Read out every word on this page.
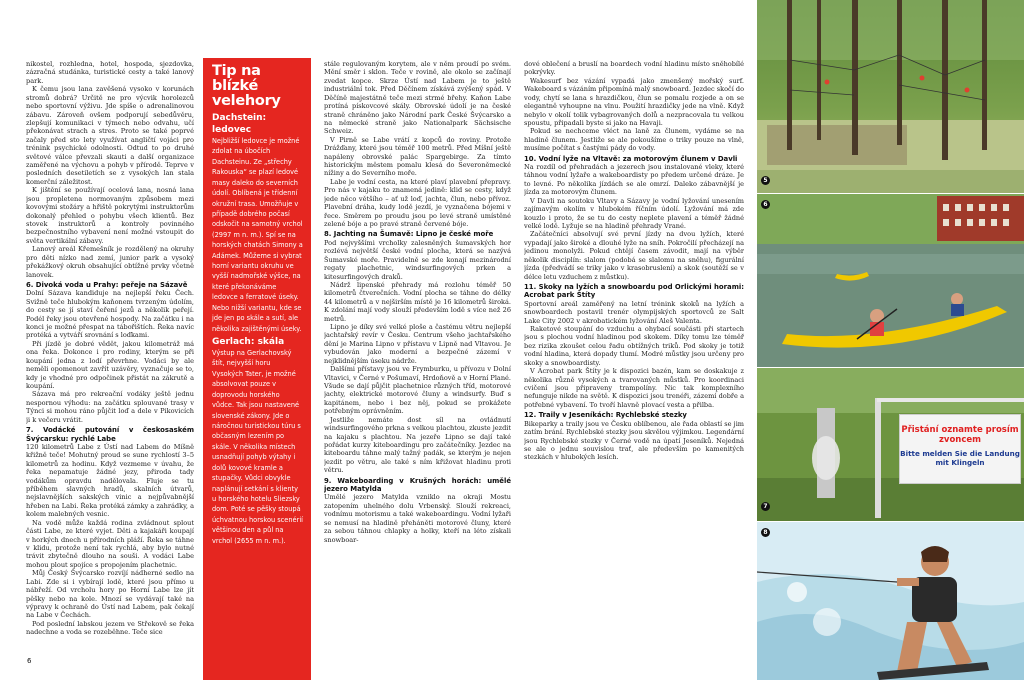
nikostel, rozhledna, hotel, hospoda, sjezdovka, zázračná studánka, turistické cesty a také lanový park.

K čemu jsou lana zavěšená vysoko v korunách stromů dobrá? Určitě ne pro výcvik horolezců nebo sportovní výživu. Jde spíše o adrenalinovou zábavu. Zároveň ovšem podporují sebedůvěru, zlepšují komunikaci v týmech nebo odvahu, učí překonávat strach a stres. Proto se také poprvé začaly před sto lety využívat angličtí vojáci pro trénink psychické odolnosti. Odtud to po druhé světové válce převzali skauti a další organizace zaměřené na výchovu a pohyb v přírodě. Teprve v posledních desetiletích se z vysokých lan stala komerční záležitost.

K jištění se používají ocelová lana, nosná lana jsou propletena normovaným způsobem mezi kovovými stožáry a hřiště pokrytými instruktorům dokonalý přehled o pohybu všech klientů. Bez stovek instruktorů a kontroly povinného bezpečnostního vybavení není možné vstoupit do světa vertikální zábavy.

Lanový areál Křemešník je rozdělený na okruhy pro děti nízko nad zemí, junior park a vysoký překážkový okruh obsahující obtížné prvky včetně lanovek.

6. Divoká voda u Prahy: peřeje na Sázavě

Dolní Sázava kandiduje na nejlepší řeku Čech. Svižně teče hlubokým kaňonem tvrzeným údolím, do cesty se jí staví čeření jezů a několik peřejí. Podél řeky jsou otevřené hospody. Na začátku i na konci je možné přespat na tábořištích. Řeka navíc protéká a vytváří srovnání s loďkami.

Při jízdě je dobré vědět, jakou kilometráž má ona řeka. Dokonce i pro rodiny, kterým se při koupání jedna z lodí převrhne. Vodáci by ale neměli opomenout zavřít uzávěry, vyznačuje se to, kdy je vhodné pro odpočinek přistát na zákrutě a koupání.

Sázava má pro rekreační vodáky ještě jednu nespornou výhodu: na začátku splouvané trasy v Týnci si mohou ráno půjčit loď a dele v Pikovicích ji k večeru vrátit.

7. Vodácké putování v českosaském Švýcarsku: rychlé Labe

120 kilometrů Labe z Ústí nad Labem do Míšně křižně teče! Mohutný proud se sune rychlostí 3–5 kilometrů za hodinu. Když vezmeme v úvahu, že řeka nepamatuje žádné jezy, přiroda tady vodákům opravdu nadělovala. Fluje se tu příběhem slavných hradů, skalních útvarů, nejslavnějších sakských vinic a nejpůvabnější hřeben na Labi. Řeka protéká zámky a zahrádky, a kolem malebných vesnic.

Na vodě může každá rodina zvládnout splout části Labe, ze které vyjet. Děti a kajakáři koupají v horkých dnech u přírodních pláží. Řeka se táhne v klidu, protože není tak rychlá, aby bylo nutné trávit zbytečně dlouho na souši. A vodáci Labe mohou plout spojíce s propojením plachetnic.

Můj Český Švýcarsko rozvíjí nádherné sedlo na Labi. Zde si i vybírají lodě, které jsou přímo u nábřeží. Od vrcholu hory po Horní Labe lze jít pěšky nebo na kole. Mnozí se vydávají také na výpravy k ochraně do Ústí nad Labem, pak čekají na Labe v Čechách.

Pod poslední labskou jezem ve Střekově se řeka nadechne a voda se rozeběhne. Teče sice

Tip na blízké velehory
Dachstein: ledovec

Nejbližší ledovce je možné zdolat na úbočích Dachsteinu. Ze „střechy Rakouska“ se plazí ledové masy daleko do severních údolí. Oblíbená je třídenní okružní trasa. Umožňuje v případě dobrého počasí odskočit na samotný vrchol (2997 m n. m.). Spí se na horských chatách Simony a Adámek. Můžeme si vybrat horní variantu okruhu ve vyšší nadmořské výšce, na které překonáváme ledovce a ferratové úseky. Nebo nižší variantu, kde se jde jen po skále a sutí, ale několika zajištěnými úseky.

Gerlach: skála

Výstup na Gerlachovský štít, nejvyšší horu Vysokých Tater, je možné absolvovat pouze v doprovodu horského vůdce. Tak jsou nastavené slovenské zákony. Jde o náročnou turistickou túru s občasným lezením po skále. V několika místech usnadňují pohyb výtahy i dolů kovové kramle a stupačky. Vůdci obvykle naplánují setkání s klienty u horského hotelu Sliezsky dom. Poté se pěšky stoupá úchvatnou horskou scenérií většinou den a půl na vrchol (2655 m n. m.).

stále regulovaným korytem, ale v něm proudí po svém. Mění směr i sklon. Teče v rovině, ale okolo se začínají zvedat kopce. Skrze Ústí nad Labem je to ještě industriální tok. Před Děčínem získává zvýšený spád. V Děčíně majestátně teče mezi strmé břehy. Kaňon Labe protíná pískovcové skály. Obrovské údolí je na české straně chráněno jako Národní park České Švýcarsko a na německé straně jako Nationalpark Sächsische Schweiz.

V Pirně se Labe vrátí z kopců do roviny. Protože Drážďany, které jsou téměř 100 metrů. Před Míšní ještě napáleny obrovské palác Spargebirge. Za tímto historickým městem pomalu klesá do Severoněmecké nížiny a do Severního moře.

Labe je vodní cesta, na které plaví plavební přepravy. Pro nás v kajaku to znamená jedině: klid se cesty, když jede něco většího – ať už loď, jachta, člun, nebo přívoz. Plavební dráha, kudy lodě jezdí, je vyznačena bójemi v řece. Směrem po proudu jsou po levé straně umístěné zelené bóje a po pravé straně červené bóje.

8. Jachting na Šumavě: Lipno je české moře

Pod nejvyššími vrcholky zalesněných šumavských hor rozlévá největší české vodní plocha, která se nazývá Šumavské moře. Pravidelně se zde konají mezinárodní regaty plachetnic, windsurfingových prken a kitesurfingových draků.

Nádrž lipenské přehrady má rozlohu téměř 50 kilometrů čtverečních. Vodní plocha se táhne do délky 44 kilometrů a v nejširším místě je 16 kilometrů široká. K zdolání mají vody slouží především lodě s více než 26 metrů.

Lipno je díky své velké ploše a častému větru nejlepší jachtařský revír v Česku. Centrum všeho jachtařského dění je Marina Lipno v přístavu v Lipně nad Vltavou. Je vybudován jako moderní a bezpečné zázemí v nejklidnějším úseku nádrže.

Dalšími přístavy jsou ve Frymburku, u přívozu v Dolní Vltavici, v Černé v Pošumaví, Hrdoňově a v Horní Plané. Všude se dají půjčit plachetnice různých tříd, motorové jachty, elektrické motorové čluny a windsurfy. Buď s kapitánem, nebo i bez něj, pokud se prokážete potřebným oprávněním.

Jestliže nemáte dost síl na ovládnutí windsurfingového prkna s velkou plachtou, zkuste jezdit na kajaku s plachtou. Na jezeře Lipno se dají také pořádat kurzy kiteboardingu pro začátečníky. Jezdec na kiteboardu táhne malý tažný padák, se kterým je nejen jezdit po větru, ale také s ním křižovat hladinu proti větru.

9. Wakeboarding v Krušných horách: umělé jezero Matylda

Umělé jezero Matylda vzniklo na okraji Mostu zatopením uhelného dolu Vrbenský. Slouží rekreaci, vodnímu motorismu a také wakeboardingu. Vodní lyžaři se nemusí na hladině přeháněti motorové čluny, které za sebou táhnou chlapky a holky, kteří na léto získali snowboar-

dové oblečení a bruslí na boardech vodní hladinu místo sněhobílé pokrývky.

Wakesurf bez vázání vypadá jako zmenšený mořský surf. Wakeboard s vázáním připomíná malý snowboard. Jezdec skočí do vody, chytí se lana s hrazdičkou, člun se pomalu rozjede a on se elegantně vyhoupne na vlnu. Použití hrazdičky jede na vlně. Když nebylo v okolí tolik vybagrovaných dolů a nezpracovala tu velkou spoustu, připadali byste si jako na Havaji.

Pokud se nechceme vléct na laně za člunem, vydáme se na hladině člunem. Jestliže se ale pokoušíme o triky pouze na vlně, musíme počítat s častými pády do vody.

10. Vodní lyže na Vltavě: za motorovým člunem v Davli

Na rozdíl od přehradách a jezerech jsou instalované vleky, které táhnou vodní lyžaře a wakeboardisty po předem určené dráze. Je to levné. Po několika jízdách se ale omrzí. Daleko zábavnější je jízda za motorovým člunem.

V Davli na soutoku Vltavy a Sázavy je vodní lyžování unesením zajímavým okolím v hlubokém říčním údolí. Lyžování má zde kouzlo i proto, že se tu do cesty neplete plavení a téměř žádné velké lodě. Lyžuje se na hladině přehrady Vrané.

Začátečníci absolvují své první jízdy na dvou lyžích, které vypadají jako široké a dlouhé lyže na sníh. Pokročilí přecházejí na jedinou monolyži. Pokud chtějí časem závodit, mají na výběr několik disciplín: slalom (podobá se slalomu na sněhu), figurální jízda (předvádí se triky jako v krasobruslení) a skok (soutěží se v délce letu vzduchem z můstku).

11. Skoky na lyžích a snowboardu pod Orlickými horami: Acrobat park Štíty

Sportovní areál zaměřený na letní trénink skoků na lyžích a snowboardech postavil trenér olympijských sportovců ze Salt Lake City 2002 v akrobatickém lyžování Aleš Valenta.

Raketové stoupání do vzduchu a ohybací součásti při startech jsou s plochou vodní hladinou pod skokem. Díky tomu lze téměř bez rizika zkoušet celou řadu obtížných triků. Pod skoky je totiž vodní hladina, která dopady tlumí. Modré můstky jsou určeny pro skoky a snowboardisty.

V Acrobat park Štíty je k dispozici bazén, kam se doskakuje z několika různě vysokých a tvarovaných můstků. Pro koordinaci cvičení jsou připraveny trampolíny. Nic tak komplexního nefunguje nikde na světě. K dispozici jsou trenéři, zázemí dobře a potřebné vybavení. To tvoří hlavně plovací vesta a přilba.

12. Traily v Jeseníkách: Rychlebské stezky

Bikeparky a traily jsou ve Česku oblíbenou, ale řada oblastí se jim zatím brání. Rychlebské stezky jsou skvělou výjimkou. Legendární jsou Rychlebské stezky v Černé vodě na úpatí Jeseníků. Nejedná se ale o jednu souvislou trať, ale především po kamenitých stezkách v hlubokých lesích.

6
5
6
Přistání oznamte prosím zvoncem
Bitte melden Sie die Landung mit Klingeln
7
8
